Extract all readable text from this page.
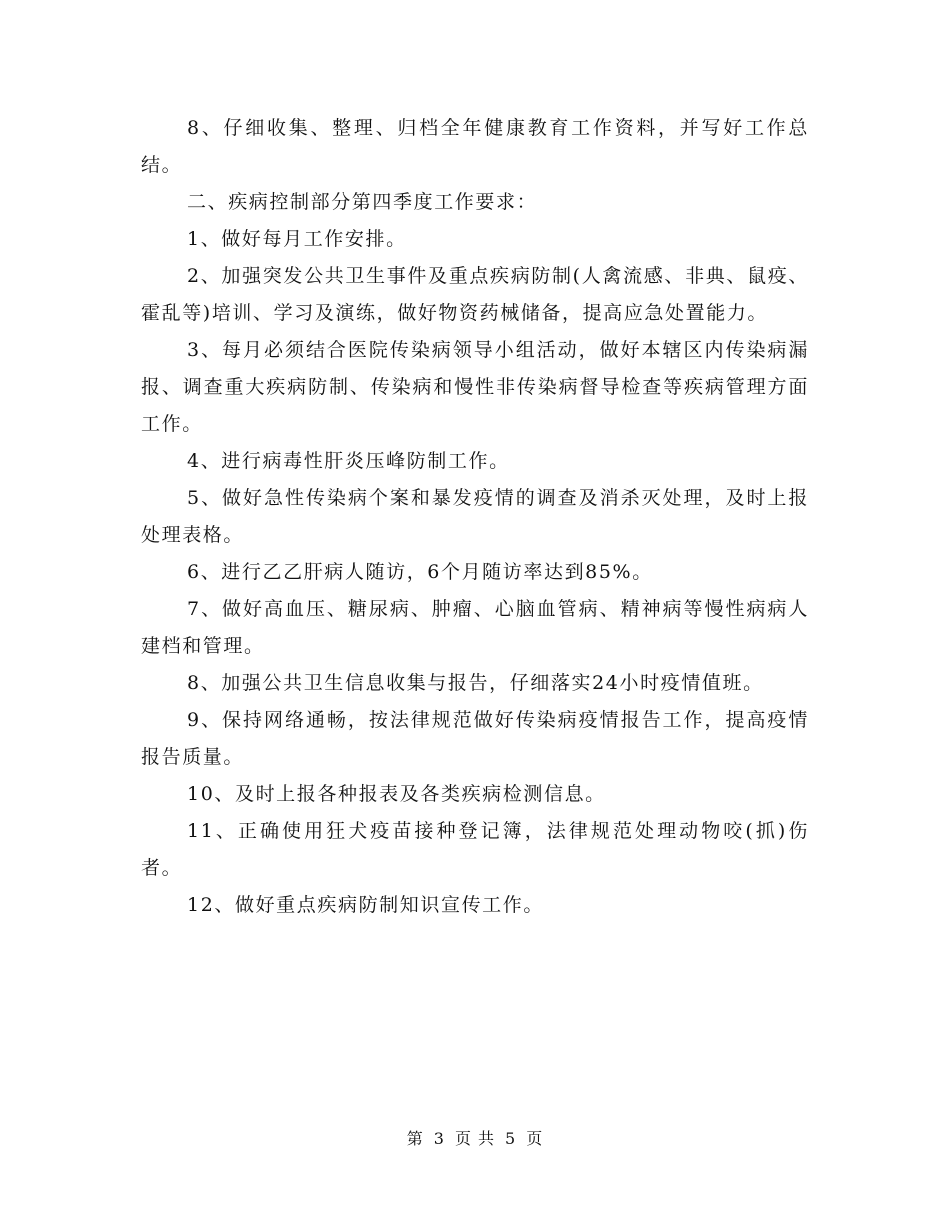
8、仔细收集、整理、归档全年健康教育工作资料，并写好工作总结。

二、疾病控制部分第四季度工作要求：

1、做好每月工作安排。

2、加强突发公共卫生事件及重点疾病防制(人禽流感、非典、鼠疫、霍乱等)培训、学习及演练，做好物资药械储备，提高应急处置能力。

3、每月必须结合医院传染病领导小组活动，做好本辖区内传染病漏报、调查重大疾病防制、传染病和慢性非传染病督导检查等疾病管理方面工作。

4、进行病毒性肝炎压峰防制工作。

5、做好急性传染病个案和暴发疫情的调查及消杀灭处理，及时上报处理表格。

6、进行乙乙肝病人随访，6个月随访率达到85%。

7、做好高血压、糖尿病、肿瘤、心脑血管病、精神病等慢性病病人 建档和管理。

8、加强公共卫生信息收集与报告，仔细落实24小时疫情值班。

9、保持网络通畅，按法律规范做好传染病疫情报告工作，提高疫情报告质量。

10、及时上报各种报表及各类疾病检测信息。

11、正确使用狂犬疫苗接种登记簿，法律规范处理动物咬(抓)伤者。

12、做好重点疾病防制知识宣传工作。

第 3 页 共 5 页
